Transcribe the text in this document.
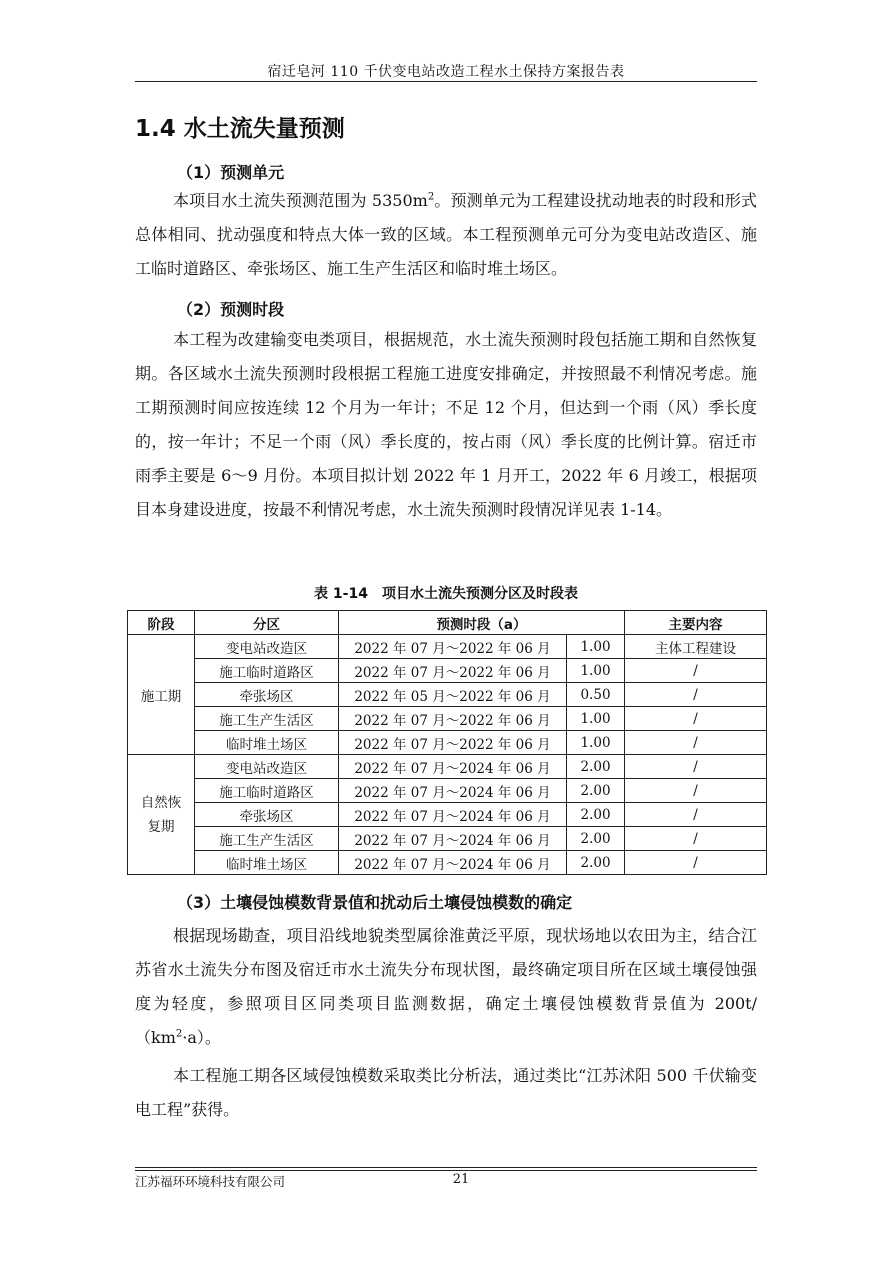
宿迁皂河 110 千伏变电站改造工程水土保持方案报告表
1.4 水土流失量预测
（1）预测单元

本项目水土流失预测范围为 $5350m^2$。预测单元为工程建设扰动地表的时段和形式总体相同、扰动强度和特点大体一致的区域。本工程预测单元可分为变电站改造区、施工临时道路区、牵张场区、施工生产生活区和临时堆土场区。

（2）预测时段

本工程为改建输变电类项目，根据规范，水土流失预测时段包括施工期和自然恢复期。各区域水土流失预测时段根据工程施工进度安排确定，并按照最不利情况考虑。施工期预测时间应按连续 12 个月为一年计；不足 12 个月，但达到一个雨（风）季长度的，按一年计；不足一个雨（风）季长度的，按占雨（风）季长度的比例计算。宿迁市雨季主要是 6～9 月份。本项目拟计划 2022 年 1 月开工，2022 年 6 月竣工，根据项目本身建设进度，按最不利情况考虑，水土流失预测时段情况详见表 1-14。

表 1-14　项目水土流失预测分区及时段表
阶段	分区	预测时段（a）		主要内容
施工期	变电站改造区	2022 年 07 月～2022 年 06 月	1.00	主体工程建设
	施工临时道路区	2022 年 07 月～2022 年 06 月	1.00	/
	牵张场区	2022 年 05 月～2022 年 06 月	0.50	/
	施工生产生活区	2022 年 07 月～2022 年 06 月	1.00	/
	临时堆土场区	2022 年 07 月～2022 年 06 月	1.00	/
自然恢复期	变电站改造区	2022 年 07 月～2024 年 06 月	2.00	/
	施工临时道路区	2022 年 07 月～2024 年 06 月	2.00	/
	牵张场区	2022 年 07 月～2024 年 06 月	2.00	/
	施工生产生活区	2022 年 07 月～2024 年 06 月	2.00	/
	临时堆土场区	2022 年 07 月～2024 年 06 月	2.00	/
（3）土壤侵蚀模数背景值和扰动后土壤侵蚀模数的确定

根据现场勘查，项目沿线地貌类型属徐淮黄泛平原，现状场地以农田为主，结合江苏省水土流失分布图及宿迁市水土流失分布现状图，最终确定项目所在区域土壤侵蚀强度为轻度，参照项目区同类项目监测数据，确定土壤侵蚀模数背景值为 $200t/(km^2\cdot a)$。

本工程施工期各区域侵蚀模数采取类比分析法，通过类比“江苏沭阳 500 千伏输变电工程”获得。

江苏福环环境科技有限公司	21
